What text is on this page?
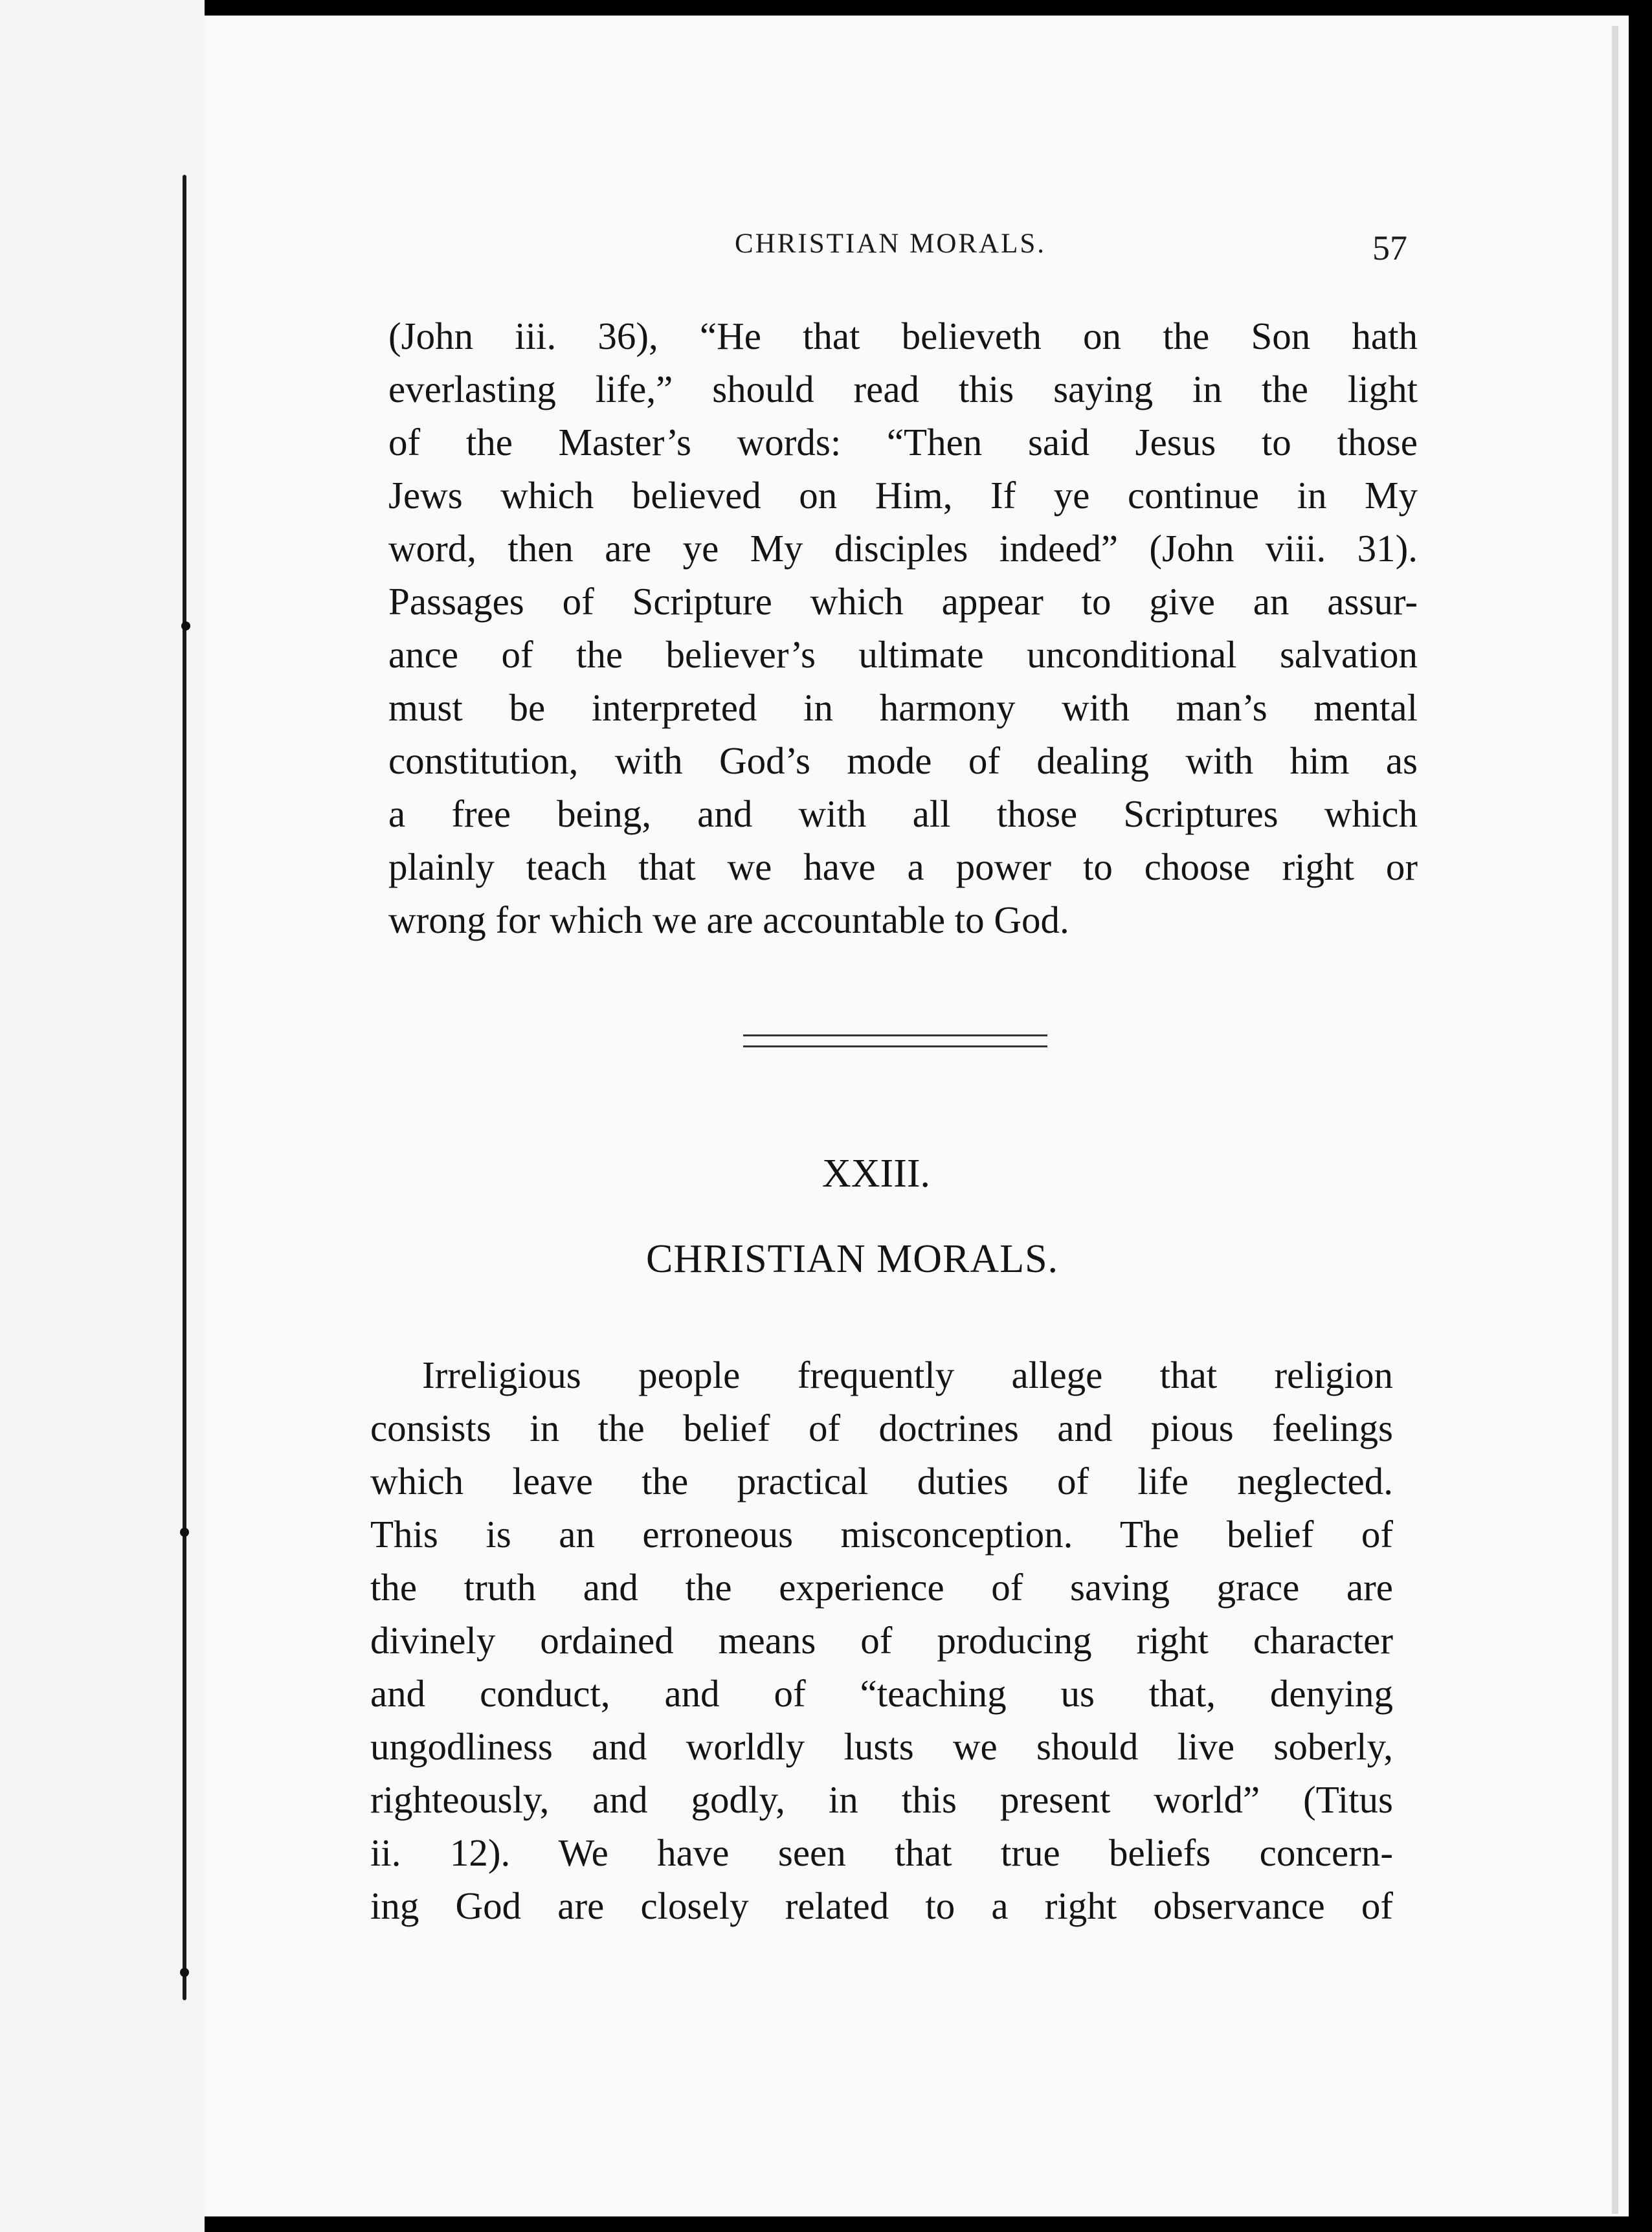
CHRISTIAN MORALS.	57
(John iii. 36), “He that believeth on the Son hath
everlasting life,” should read this saying in the light
of the Master’s words: “Then said Jesus to those
Jews which believed on Him, If ye continue in My
word, then are ye My disciples indeed” (John viii. 31).
Passages of Scripture which appear to give an assur-
ance of the believer’s ultimate unconditional salvation
must be interpreted in harmony with man’s mental
constitution, with God’s mode of dealing with him as
a free being, and with all those Scriptures which
plainly teach that we have a power to choose right or
wrong for which we are accountable to God.
XXIII.
CHRISTIAN MORALS.
Irreligious people frequently allege that religion
consists in the belief of doctrines and pious feelings
which leave the practical duties of life neglected.
This is an erroneous misconception. The belief of
the truth and the experience of saving grace are
divinely ordained means of producing right character
and conduct, and of “teaching us that, denying
ungodliness and worldly lusts we should live soberly,
righteously, and godly, in this present world” (Titus
ii. 12). We have seen that true beliefs concern-
ing God are closely related to a right observance of
